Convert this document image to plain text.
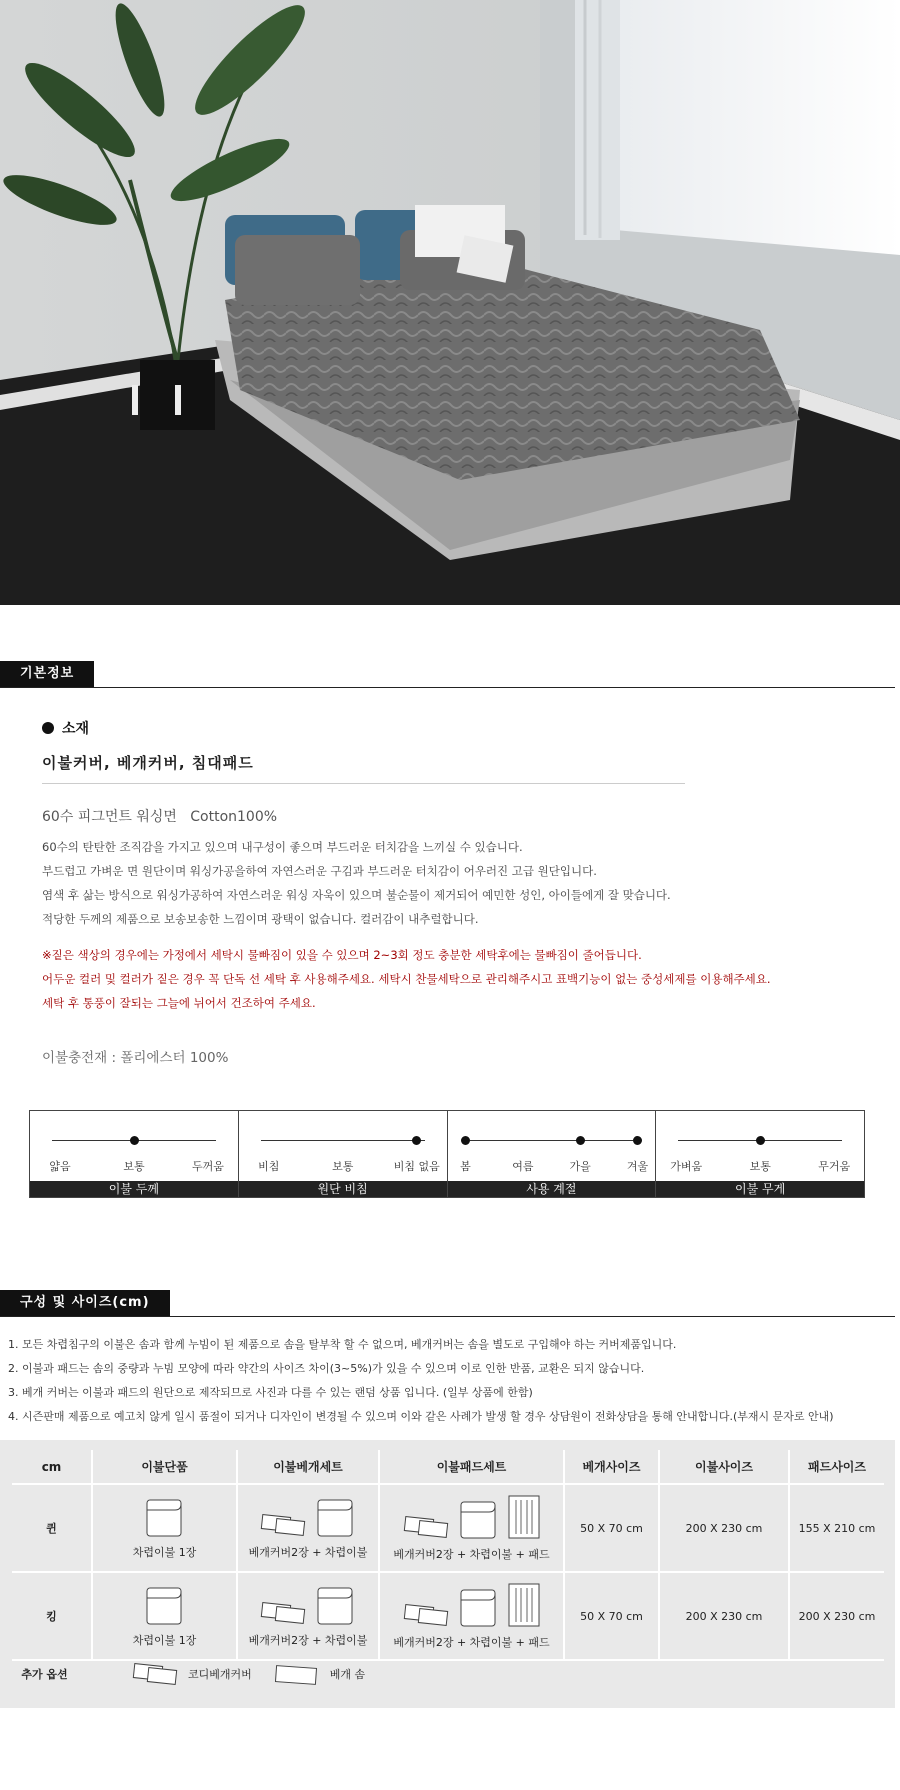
기본정보
소재
이불커버, 베개커버, 침대패드
60수 피그먼트 워싱면   Cotton100%
60수의 탄탄한 조직감을 가지고 있으며 내구성이 좋으며 부드러운 터치감을 느끼실 수 있습니다.
부드럽고 가벼운 면 원단이며 워싱가공을하여 자연스러운 구김과 부드러운 터치감이 어우러진 고급 원단입니다.
염색 후 삶는 방식으로 워싱가공하여 자연스러운 워싱 자욱이 있으며 불순물이 제거되어 예민한 성인, 아이들에게 잘 맞습니다.
적당한 두께의 제품으로 보송보송한 느낌이며 광택이 없습니다. 컬러감이 내추럴합니다.
※짙은 색상의 경우에는 가정에서 세탁시 물빠짐이 있을 수 있으며 2~3회 정도 충분한 세탁후에는 물빠짐이 줄어듭니다.
어두운 컬러 및 컬러가 짙은 경우 꼭 단독 선 세탁 후 사용해주세요. 세탁시 찬물세탁으로 관리해주시고 표백기능이 없는 중성세제를 이용해주세요.
세탁 후 통풍이 잘되는 그늘에 뉘어서 건조하여 주세요.
이불충전재 : 폴리에스터 100%
얇음	보통	두꺼움
이불 두께
비침	보통	비침 없음
원단 비침
봄	여름	가을	겨울
사용 계절
가벼움	보통	무거움
이불 무게
구성 및 사이즈(cm)
1. 모든 차렵침구의 이불은 솜과 함께 누빔이 된 제품으로 솜을 탈부착 할 수 없으며, 베개커버는 솜을 별도로 구입해야 하는 커버제품입니다.
2. 이불과 패드는 솜의 중량과 누빔 모양에 따라 약간의 사이즈 차이(3~5%)가 있을 수 있으며 이로 인한 반품, 교환은 되지 않습니다.
3. 베개 커버는 이불과 패드의 원단으로 제작되므로 사진과 다를 수 있는 랜덤 상품 입니다. (일부 상품에 한함)
4. 시즌판매 제품으로 예고치 않게 일시 품절이 되거나 디자인이 변경될 수 있으며 이와 같은 사례가 발생 할 경우 상담원이 전화상담을 통해 안내합니다.(부재시 문자로 안내)
cm	이불단품	이불베개세트	이불패드세트	베개사이즈	이불사이즈	패드사이즈
퀸	차렵이불 1장	베개커버2장 + 차렵이불	베개커버2장 + 차렵이불 + 패드	50 X 70 cm	200 X 230 cm	155 X 210 cm
킹	차렵이불 1장	베개커버2장 + 차렵이불	베개커버2장 + 차렵이불 + 패드	50 X 70 cm	200 X 230 cm	200 X 230 cm
추가 옵션	코디베개커버	베개 솜
